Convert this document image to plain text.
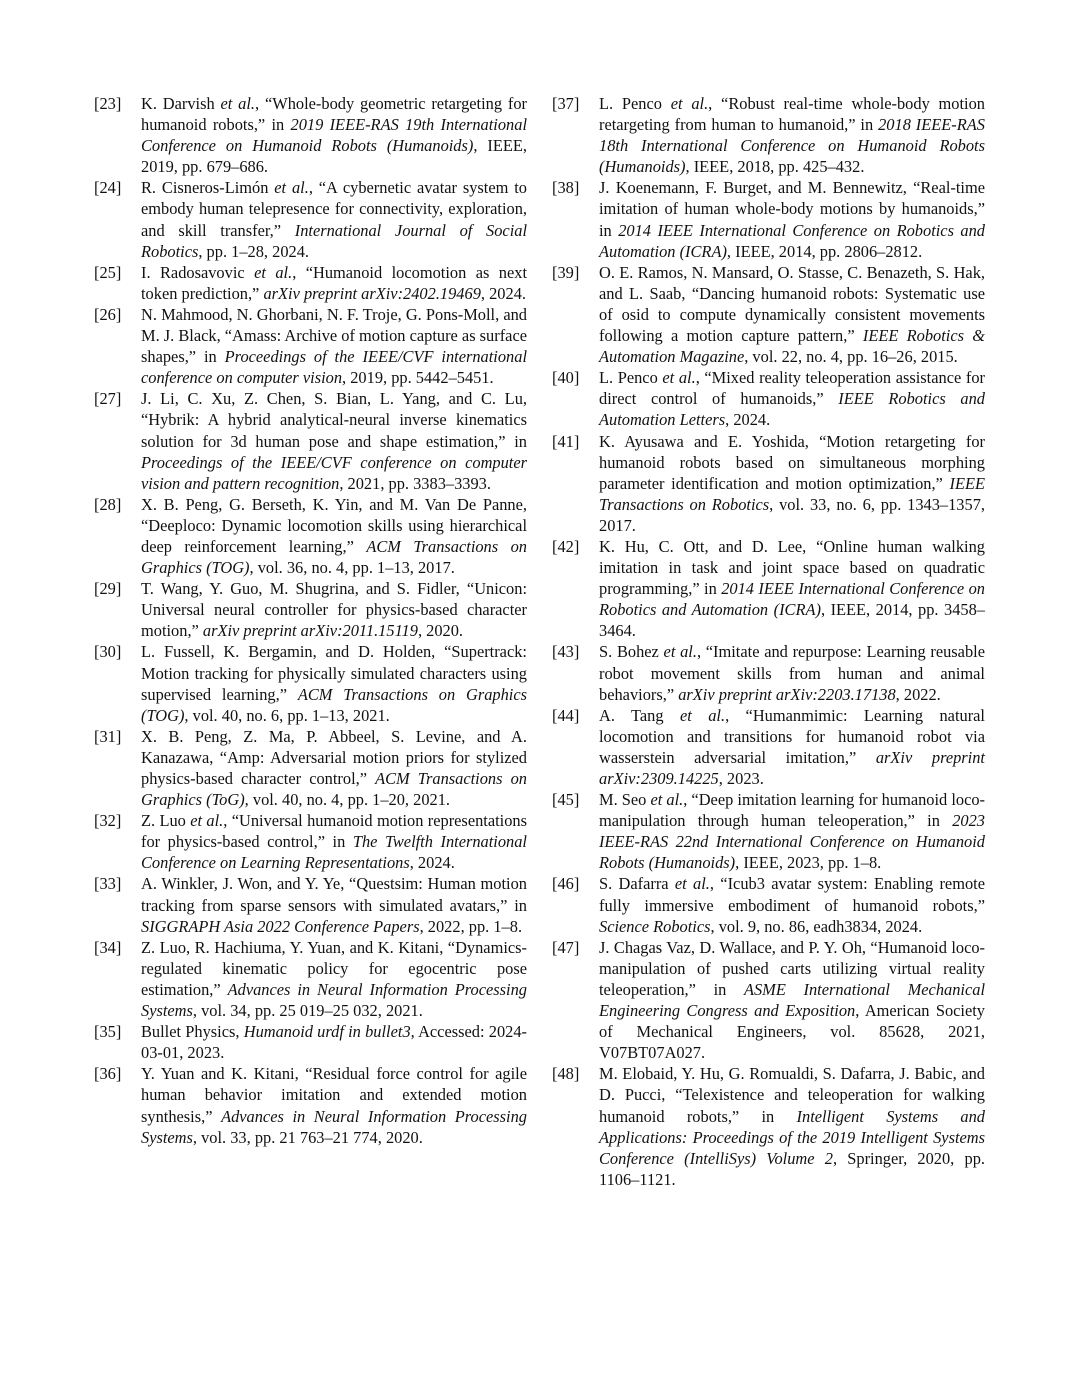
[23]	K. Darvish et al., “Whole-body geometric retargeting for humanoid robots,” in 2019 IEEE-RAS 19th International Conference on Humanoid Robots (Humanoids), IEEE, 2019, pp. 679–686.
[24]	R. Cisneros-Limón et al., “A cybernetic avatar system to embody human telepresence for connectivity, exploration, and skill transfer,” International Journal of Social Robotics, pp. 1–28, 2024.
[25]	I. Radosavovic et al., “Humanoid locomotion as next token prediction,” arXiv preprint arXiv:2402.19469, 2024.
[26]	N. Mahmood, N. Ghorbani, N. F. Troje, G. Pons-Moll, and M. J. Black, “Amass: Archive of motion capture as surface shapes,” in Proceedings of the IEEE/CVF international conference on computer vision, 2019, pp. 5442–5451.
[27]	J. Li, C. Xu, Z. Chen, S. Bian, L. Yang, and C. Lu, “Hybrik: A hybrid analytical-neural inverse kinematics solution for 3d human pose and shape estimation,” in Proceedings of the IEEE/CVF conference on computer vision and pattern recognition, 2021, pp. 3383–3393.
[28]	X. B. Peng, G. Berseth, K. Yin, and M. Van De Panne, “Deeploco: Dynamic locomotion skills using hierarchical deep reinforcement learning,” ACM Transactions on Graphics (TOG), vol. 36, no. 4, pp. 1–13, 2017.
[29]	T. Wang, Y. Guo, M. Shugrina, and S. Fidler, “Unicon: Universal neural controller for physics-based character motion,” arXiv preprint arXiv:2011.15119, 2020.
[30]	L. Fussell, K. Bergamin, and D. Holden, “Supertrack: Motion tracking for physically simulated characters using supervised learning,” ACM Transactions on Graphics (TOG), vol. 40, no. 6, pp. 1–13, 2021.
[31]	X. B. Peng, Z. Ma, P. Abbeel, S. Levine, and A. Kanazawa, “Amp: Adversarial motion priors for stylized physics-based character control,” ACM Transactions on Graphics (ToG), vol. 40, no. 4, pp. 1–20, 2021.
[32]	Z. Luo et al., “Universal humanoid motion representations for physics-based control,” in The Twelfth International Conference on Learning Representations, 2024.
[33]	A. Winkler, J. Won, and Y. Ye, “Questsim: Human motion tracking from sparse sensors with simulated avatars,” in SIGGRAPH Asia 2022 Conference Papers, 2022, pp. 1–8.
[34]	Z. Luo, R. Hachiuma, Y. Yuan, and K. Kitani, “Dynamics-regulated kinematic policy for egocentric pose estimation,” Advances in Neural Information Processing Systems, vol. 34, pp. 25 019–25 032, 2021.
[35]	Bullet Physics, Humanoid urdf in bullet3, Accessed: 2024-03-01, 2023.
[36]	Y. Yuan and K. Kitani, “Residual force control for agile human behavior imitation and extended motion synthesis,” Advances in Neural Information Processing Systems, vol. 33, pp. 21 763–21 774, 2020.
[37]	L. Penco et al., “Robust real-time whole-body motion retargeting from human to humanoid,” in 2018 IEEE-RAS 18th International Conference on Humanoid Robots (Humanoids), IEEE, 2018, pp. 425–432.
[38]	J. Koenemann, F. Burget, and M. Bennewitz, “Real-time imitation of human whole-body motions by humanoids,” in 2014 IEEE International Conference on Robotics and Automation (ICRA), IEEE, 2014, pp. 2806–2812.
[39]	O. E. Ramos, N. Mansard, O. Stasse, C. Benazeth, S. Hak, and L. Saab, “Dancing humanoid robots: Systematic use of osid to compute dynamically consistent movements following a motion capture pattern,” IEEE Robotics & Automation Magazine, vol. 22, no. 4, pp. 16–26, 2015.
[40]	L. Penco et al., “Mixed reality teleoperation assistance for direct control of humanoids,” IEEE Robotics and Automation Letters, 2024.
[41]	K. Ayusawa and E. Yoshida, “Motion retargeting for humanoid robots based on simultaneous morphing parameter identification and motion optimization,” IEEE Transactions on Robotics, vol. 33, no. 6, pp. 1343–1357, 2017.
[42]	K. Hu, C. Ott, and D. Lee, “Online human walking imitation in task and joint space based on quadratic programming,” in 2014 IEEE International Conference on Robotics and Automation (ICRA), IEEE, 2014, pp. 3458–3464.
[43]	S. Bohez et al., “Imitate and repurpose: Learning reusable robot movement skills from human and animal behaviors,” arXiv preprint arXiv:2203.17138, 2022.
[44]	A. Tang et al., “Humanmimic: Learning natural locomotion and transitions for humanoid robot via wasserstein adversarial imitation,” arXiv preprint arXiv:2309.14225, 2023.
[45]	M. Seo et al., “Deep imitation learning for humanoid loco-manipulation through human teleoperation,” in 2023 IEEE-RAS 22nd International Conference on Humanoid Robots (Humanoids), IEEE, 2023, pp. 1–8.
[46]	S. Dafarra et al., “Icub3 avatar system: Enabling remote fully immersive embodiment of humanoid robots,” Science Robotics, vol. 9, no. 86, eadh3834, 2024.
[47]	J. Chagas Vaz, D. Wallace, and P. Y. Oh, “Humanoid loco-manipulation of pushed carts utilizing virtual reality teleoperation,” in ASME International Mechanical Engineering Congress and Exposition, American Society of Mechanical Engineers, vol. 85628, 2021, V07BT07A027.
[48]	M. Elobaid, Y. Hu, G. Romualdi, S. Dafarra, J. Babic, and D. Pucci, “Telexistence and teleoperation for walking humanoid robots,” in Intelligent Systems and Applications: Proceedings of the 2019 Intelligent Systems Conference (IntelliSys) Volume 2, Springer, 2020, pp. 1106–1121.
